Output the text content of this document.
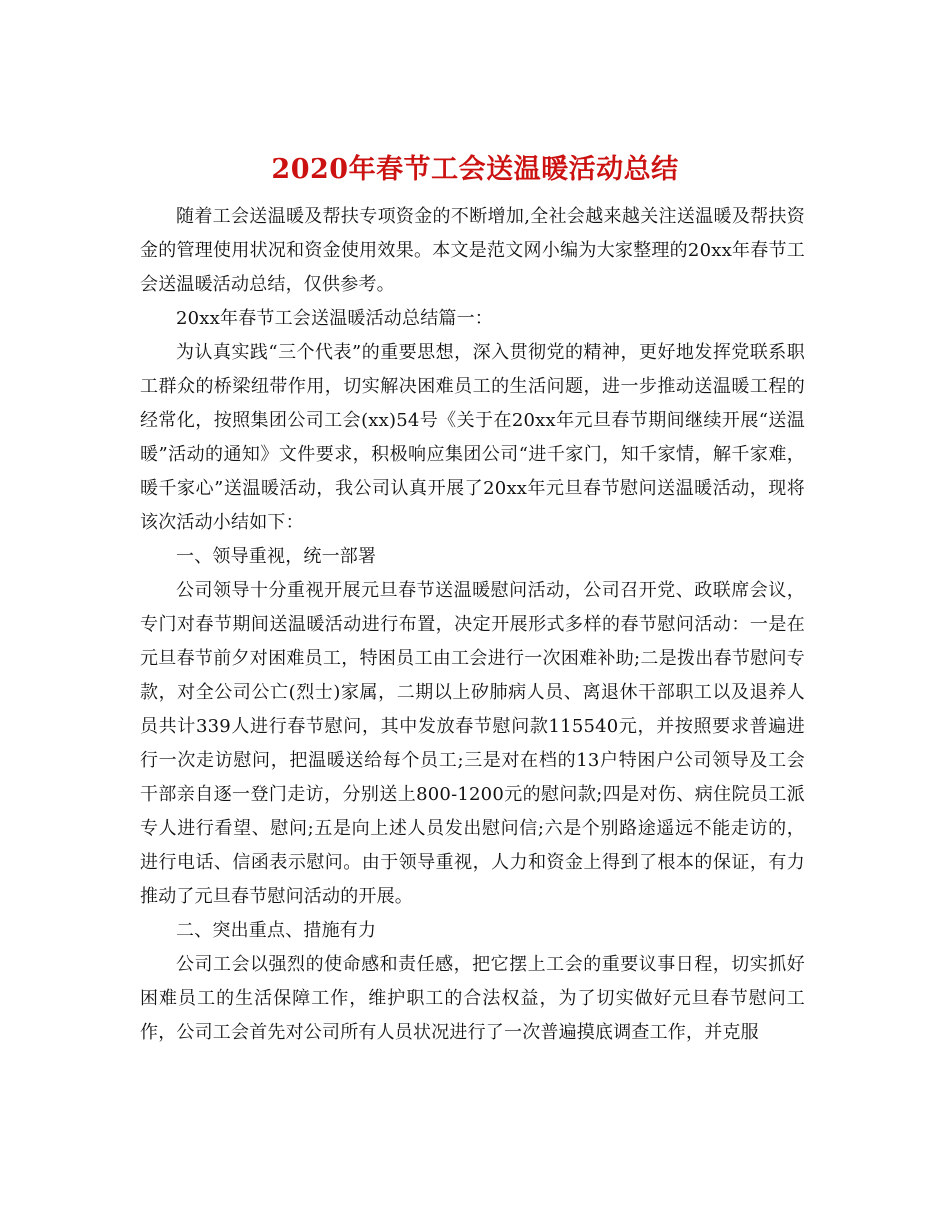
2020年春节工会送温暖活动总结

随着工会送温暖及帮扶专项资金的不断增加,全社会越来越关注送温暖及帮扶资金的管理使用状况和资金使用效果。本文是范文网小编为大家整理的20xx年春节工会送温暖活动总结，仅供参考。

20xx年春节工会送温暖活动总结篇一：

为认真实践“三个代表”的重要思想，深入贯彻党的精神，更好地发挥党联系职工群众的桥梁纽带作用，切实解决困难员工的生活问题，进一步推动送温暖工程的经常化，按照集团公司工会(xx)54号《关于在20xx年元旦春节期间继续开展“送温暖”活动的通知》文件要求，积极响应集团公司“进千家门，知千家情，解千家难，暖千家心”送温暖活动，我公司认真开展了20xx年元旦春节慰问送温暖活动，现将该次活动小结如下：

一、领导重视，统一部署

公司领导十分重视开展元旦春节送温暖慰问活动，公司召开党、政联席会议，专门对春节期间送温暖活动进行布置，决定开展形式多样的春节慰问活动：一是在元旦春节前夕对困难员工，特困员工由工会进行一次困难补助;二是拨出春节慰问专款，对全公司公亡(烈士)家属，二期以上矽肺病人员、离退休干部职工以及退养人员共计339人进行春节慰问，其中发放春节慰问款115540元，并按照要求普遍进行一次走访慰问，把温暖送给每个员工;三是对在档的13户特困户公司领导及工会干部亲自逐一登门走访，分别送上800-1200元的慰问款;四是对伤、病住院员工派专人进行看望、慰问;五是向上述人员发出慰问信;六是个别路途遥远不能走访的，进行电话、信函表示慰问。由于领导重视，人力和资金上得到了根本的保证，有力推动了元旦春节慰问活动的开展。

二、突出重点、措施有力

公司工会以强烈的使命感和责任感，把它摆上工会的重要议事日程，切实抓好困难员工的生活保障工作，维护职工的合法权益，为了切实做好元旦春节慰问工作，公司工会首先对公司所有人员状况进行了一次普遍摸底调查工作，并克服
